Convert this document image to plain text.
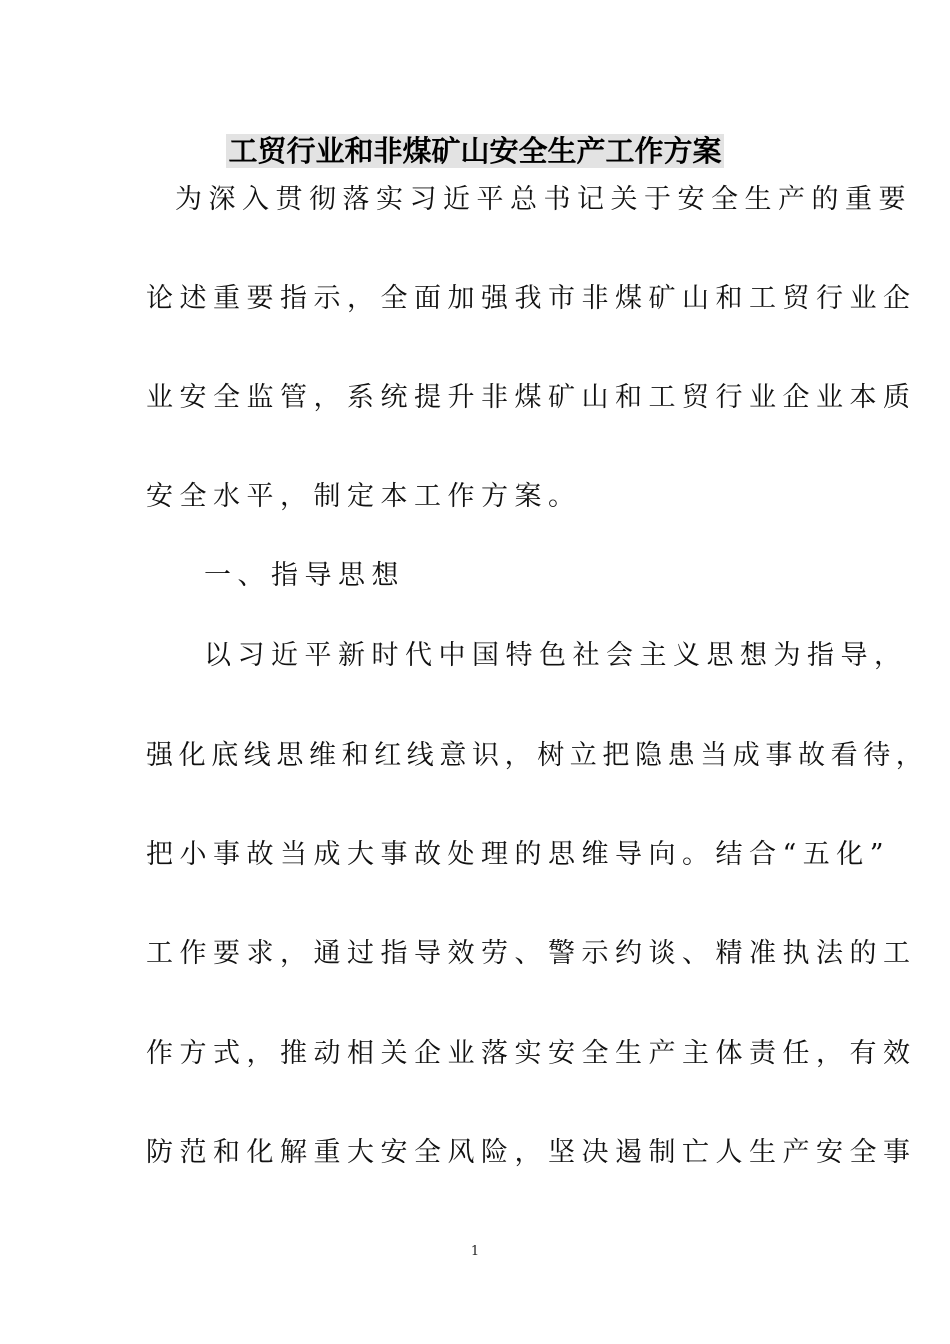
工贸行业和非煤矿山安全生产工作方案
为深入贯彻落实习近平总书记关于安全生产的重要
论述重要指示，全面加强我市非煤矿山和工贸行业企
业安全监管，系统提升非煤矿山和工贸行业企业本质
安全水平，制定本工作方案。
一、指导思想
以习近平新时代中国特色社会主义思想为指导，
强化底线思维和红线意识，树立把隐患当成事故看待，
把小事故当成大事故处理的思维导向。结合“五化”
工作要求，通过指导效劳、警示约谈、精准执法的工
作方式，推动相关企业落实安全生产主体责任，有效
防范和化解重大安全风险，坚决遏制亡人生产安全事
1
